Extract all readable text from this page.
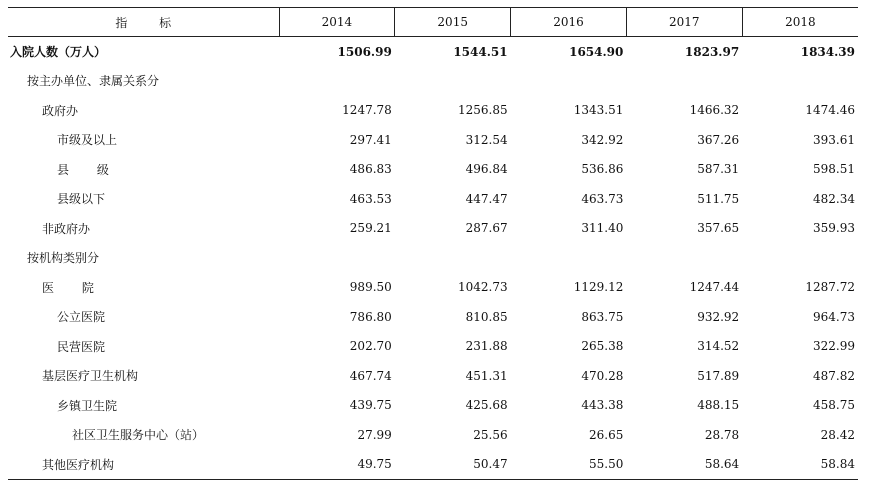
指 标	2014	2015	2016	2017	2018
入院人数（万人）	1506.99	1544.51	1654.90	1823.97	1834.39
按主办单位、隶属关系分					
政府办	1247.78	1256.85	1343.51	1466.32	1474.46
市级及以上	297.41	312.54	342.92	367.26	393.61
县 级	486.83	496.84	536.86	587.31	598.51
县级以下	463.53	447.47	463.73	511.75	482.34
非政府办	259.21	287.67	311.40	357.65	359.93
按机构类别分					
医 院	989.50	1042.73	1129.12	1247.44	1287.72
公立医院	786.80	810.85	863.75	932.92	964.73
民营医院	202.70	231.88	265.38	314.52	322.99
基层医疗卫生机构	467.74	451.31	470.28	517.89	487.82
乡镇卫生院	439.75	425.68	443.38	488.15	458.75
社区卫生服务中心（站）	27.99	25.56	26.65	28.78	28.42
其他医疗机构	49.75	50.47	55.50	58.64	58.84
